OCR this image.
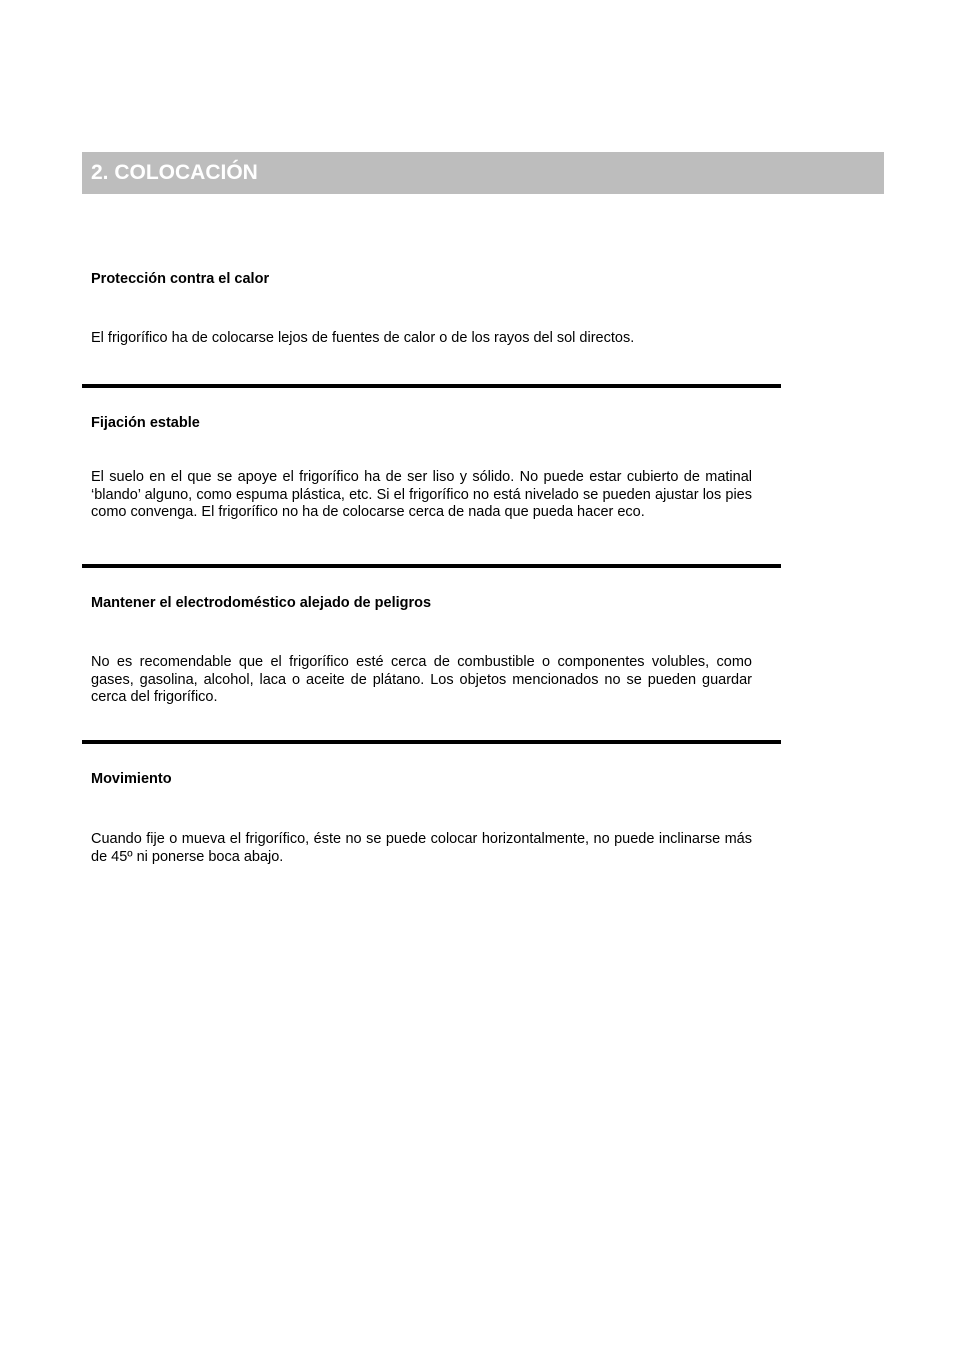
2. COLOCACIÓN
Protección contra el calor

El frigorífico ha de colocarse lejos de fuentes de calor o de los rayos del sol directos.

Fijación estable

El suelo en el que se apoye el frigorífico ha de ser liso y sólido. No puede estar cubierto de matinal ‘blando’ alguno, como espuma plástica, etc. Si el frigorífico no está nivelado se pueden ajustar los pies como convenga. El frigorífico no ha de colocarse cerca de nada que pueda hacer eco.

Mantener el electrodoméstico alejado de peligros

No es recomendable que el frigorífico esté cerca de combustible o componentes volubles, como gases, gasolina, alcohol, laca o aceite de plátano. Los objetos mencionados no se pueden guardar cerca del frigorífico.

Movimiento

Cuando fije o mueva el frigorífico, éste no se puede colocar horizontalmente, no puede inclinarse más de 45º ni ponerse boca abajo.
